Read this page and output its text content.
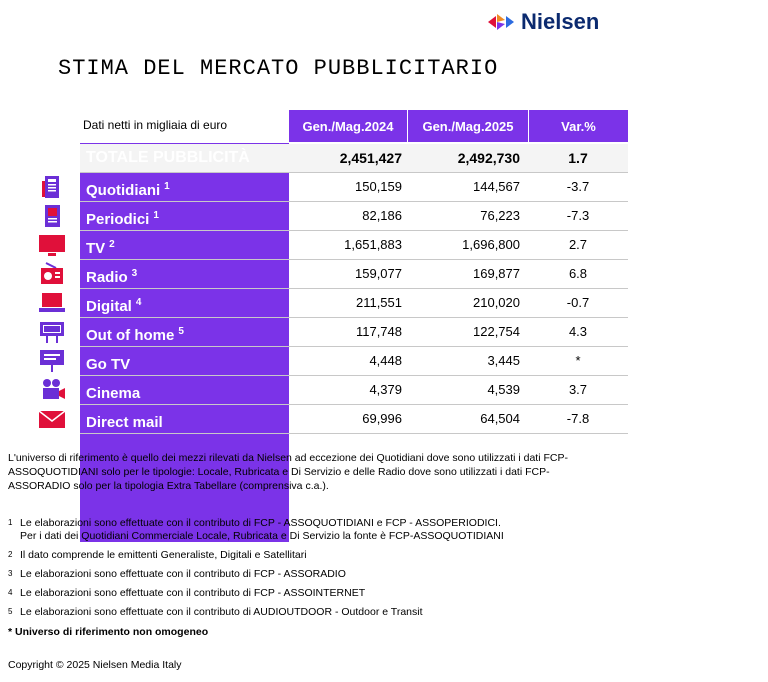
Nielsen
STIMA DEL MERCATO PUBBLICITARIO
Dati netti in migliaia di euro	Gen./Mag.2024	Gen./Mag.2025	Var.%
TOTALE PUBBLICITÀ	2,451,427	2,492,730	1.7
Quotidiani $^1$	150,159	144,567	-3.7
Periodici $^1$	82,186	76,223	-7.3
TV $^2$	1,651,883	1,696,800	2.7
Radio $^3$	159,077	169,877	6.8
Digital $^4$	211,551	210,020	-0.7
Out of home $^5$	117,748	122,754	4.3
Go TV	4,448	3,445	*
Cinema	4,379	4,539	3.7
Direct mail	69,996	64,504	-7.8
L'universo di riferimento è quello dei mezzi rilevati da Nielsen ad eccezione dei Quotidiani dove sono utilizzati i dati FCP-
ASSOQUOTIDIANI solo per le tipologie: Locale, Rubricata e Di Servizio e delle Radio dove sono utilizzati i dati FCP-
ASSORADIO solo per la tipologia Extra Tabellare (comprensiva c.a.).
1 Le elaborazioni sono effettuate con il contributo di FCP - ASSOQUOTIDIANI e FCP - ASSOPERIODICI.
Per i dati dei Quotidiani Commerciale Locale, Rubricata e Di Servizio la fonte è FCP-ASSOQUOTIDIANI
2 Il dato comprende le emittenti Generaliste, Digitali e Satellitari
3 Le elaborazioni sono effettuate con il contributo di FCP - ASSORADIO
4 Le elaborazioni sono effettuate con il contributo di FCP - ASSOINTERNET
5 Le elaborazioni sono effettuate con il contributo di AUDIOUTDOOR - Outdoor e Transit
* Universo di riferimento non omogeneo
Copyright © 2025 Nielsen Media Italy
